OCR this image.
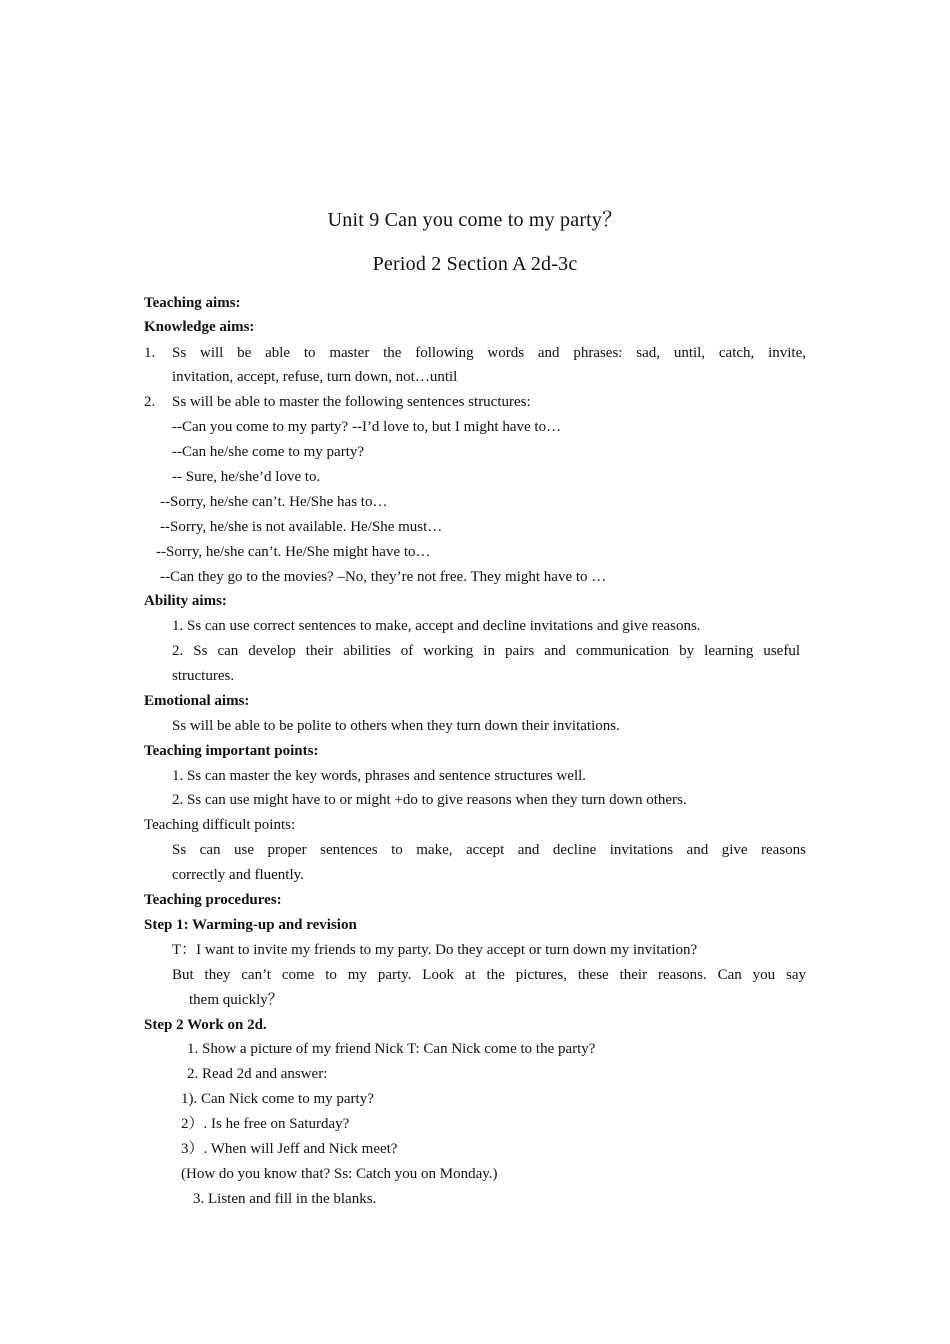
Unit 9 Can you come to my party？
Period 2 Section A 2d-3c
Teaching aims:
Knowledge aims:
1. Ss will be able to master the following words and phrases: sad, until, catch, invite,
invitation, accept, refuse, turn down, not…until
2. Ss will be able to master the following sentences structures:
--Can you come to my party? --I’d love to, but I might have to…
--Can he/she come to my party?
-- Sure, he/she’d love to.
--Sorry, he/she can’t. He/She has to…
--Sorry, he/she is not available. He/She must…
--Sorry, he/she can’t. He/She might have to…
--Can they go to the movies? –No, they’re not free. They might have to …
Ability aims:
1. Ss can use correct sentences to make, accept and decline invitations and give reasons.
2. Ss can develop their abilities of working in pairs and communication by learning useful
structures.
Emotional aims:
Ss will be able to be polite to others when they turn down their invitations.
Teaching important points:
1. Ss can master the key words, phrases and sentence structures well.
2. Ss can use might have to or might +do to give reasons when they turn down others.
Teaching difficult points:
Ss can use proper sentences to make, accept and decline invitations and give reasons
correctly and fluently.
Teaching procedures:
Step 1: Warming-up and revision
T：I want to invite my friends to my party. Do they accept or turn down my invitation?
But they can’t come to my party. Look at the pictures, these their reasons. Can you say
them quickly？
Step 2 Work on 2d.
1. Show a picture of my friend Nick T: Can Nick come to the party?
2. Read 2d and answer:
1). Can Nick come to my party?
2）. Is he free on Saturday?
3）. When will Jeff and Nick meet?
(How do you know that? Ss: Catch you on Monday.)
3. Listen and fill in the blanks.
